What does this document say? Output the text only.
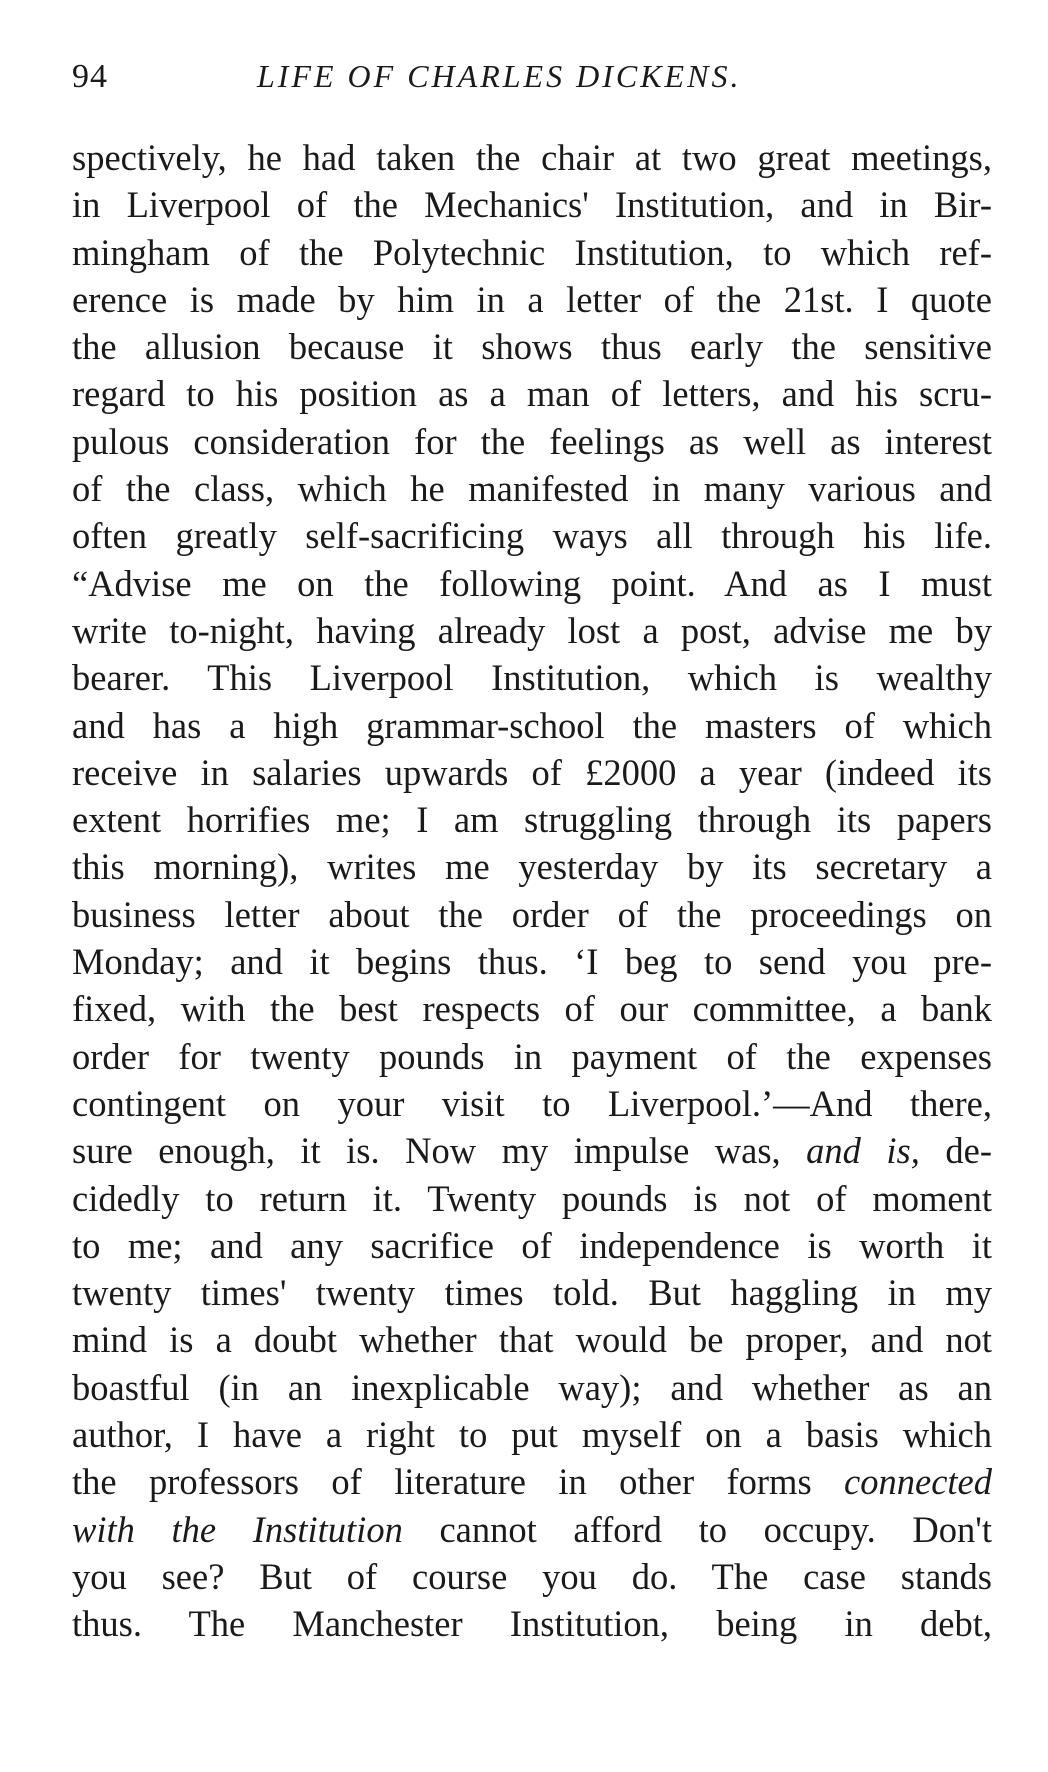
94	LIFE OF CHARLES DICKENS.
spectively, he had taken the chair at two great meetings,
in Liverpool of the Mechanics' Institution, and in Bir-
mingham of the Polytechnic Institution, to which ref-
erence is made by him in a letter of the 21st. I quote
the allusion because it shows thus early the sensitive
regard to his position as a man of letters, and his scru-
pulous consideration for the feelings as well as interest
of the class, which he manifested in many various and
often greatly self-sacrificing ways all through his life.
“Advise me on the following point. And as I must
write to-night, having already lost a post, advise me by
bearer. This Liverpool Institution, which is wealthy
and has a high grammar-school the masters of which
receive in salaries upwards of £2000 a year (indeed its
extent horrifies me; I am struggling through its papers
this morning), writes me yesterday by its secretary a
business letter about the order of the proceedings on
Monday; and it begins thus. ‘I beg to send you pre-
fixed, with the best respects of our committee, a bank
order for twenty pounds in payment of the expenses
contingent on your visit to Liverpool.’—And there,
sure enough, it is. Now my impulse was, and is, de-
cidedly to return it. Twenty pounds is not of moment
to me; and any sacrifice of independence is worth it
twenty times' twenty times told. But haggling in my
mind is a doubt whether that would be proper, and not
boastful (in an inexplicable way); and whether as an
author, I have a right to put myself on a basis which
the professors of literature in other forms connected
with the Institution cannot afford to occupy. Don't
you see? But of course you do. The case stands
thus. The Manchester Institution, being in debt,
